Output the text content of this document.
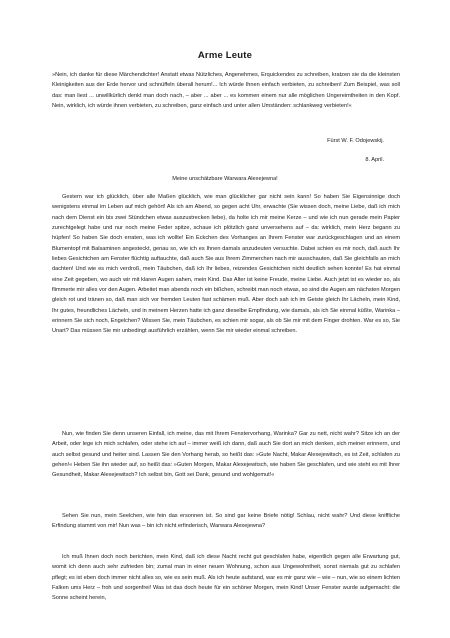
Arme Leute

»Nein, ich danke für diese Märchendichter! Anstatt etwas Nützliches, Angenehmes, Erquickendes zu schreiben, kratzen sie da die kleinsten Kleinigkeiten aus der Erde hervor und schnüffeln überall herum!... Ich würde Ihnen einfach verbieten, zu schreiben! Zum Beispiel, was soll das: man liest ... unwillkürlich denkt man doch nach, – aber ... aber ... es kommen einem nur alle möglichen Ungereimtheiten in den Kopf. Nein, wirklich, ich würde ihnen verbieten, zu schreiben, ganz einfach und unter allen Umständen: schlankweg verbieten!«

Fürst W. F. Odojewskij.
8. April.
Meine unschätzbare Warwara Alexejewna!

Gestern war ich glücklich, über alle Maßen glücklich, wie man glücklicher gar nicht sein kann! So haben Sie Eigensinnige doch wenigstens einmal im Leben auf mich gehört! Als ich am Abend, so gegen acht Uhr, erwachte (Sie wissen doch, meine Liebe, daß ich mich nach dem Dienst ein bis zwei Stündchen etwas auszustrecken liebe), da holte ich mir meine Kerze – und wie ich nun gerade mein Papier zurechtgelegt habe und nur noch meine Feder spitze, schaue ich plötzlich ganz unversehens auf – da: wirklich, mein Herz begann zu hüpfen! So haben Sie doch erraten, was ich wollte! Ein Eckchen des Vorhanges an Ihrem Fenster war zurückgeschlagen und an einem Blumentopf mit Balsaminen angesteckt, genau so, wie ich es Ihnen damals anzudeuten versuchte. Dabei schien es mir noch, daß auch Ihr liebes Gesichtchen am Fenster flüchtig auftauchte, daß auch Sie aus Ihrem Zimmerchen nach mir ausschauten, daß Sie gleichfalls an mich dachten! Und wie es mich verdroß, mein Täubchen, daß ich Ihr liebes, reizendes Gesichtchen nicht deutlich sehen konnte! Es hat einmal eine Zeit gegeben, wo auch wir mit klaren Augen sahen, mein Kind. Das Alter ist keine Freude, meine Liebe. Auch jetzt ist es wieder so, als flimmerte mir alles vor den Augen. Arbeitet man abends noch ein bißchen, schreibt man noch etwas, so sind die Augen am nächsten Morgen gleich rot und tränen so, daß man sich vor fremden Leuten fast schämen muß. Aber doch sah ich im Geiste gleich Ihr Lächeln, mein Kind, Ihr gutes, freundliches Lächeln, und in meinem Herzen hatte ich ganz dieselbe Empfindung, wie damals, als ich Sie einmal küßte, Warinka – erinnern Sie sich noch, Engelchen? Wissen Sie, mein Täubchen, es schien mir sogar, als ob Sie mir mit dem Finger drohten. War es so, Sie Unart? Das müssen Sie mir unbedingt ausführlich erzählen, wenn Sie mir wieder einmal schreiben.

Nun, wie finden Sie denn unseren Einfall, ich meine, das mit Ihrem Fenstervorhang, Warinka? Gar zu nett, nicht wahr? Sitze ich an der Arbeit, oder lege ich mich schlafen, oder stehe ich auf – immer weiß ich dann, daß auch Sie dort an mich denken, sich meiner erinnern, und auch selbst gesund und heiter sind. Lassen Sie den Vorhang herab, so heißt das: »Gute Nacht, Makar Alexejewitsch, es ist Zeit, schlafen zu gehen!« Heben Sie ihn wieder auf, so heißt das: »Guten Morgen, Makar Alexejewitsch, wie haben Sie geschlafen, und wie steht es mit Ihrer Gesundheit, Makar Alexejewitsch? Ich selbst bin, Gott sei Dank, gesund und wohlgemut!«

Sehen Sie nun, mein Seelchen, wie fein das ersonnen ist. So sind gar keine Briefe nötig! Schlau, nicht wahr? Und diese kniffliche Erfindung stammt von mir! Nun was – bin ich nicht erfinderisch, Warwara Alexejewna?

Ich muß Ihnen doch noch berichten, mein Kind, daß ich diese Nacht recht gut geschlafen habe, eigentlich gegen alle Erwartung gut, womit ich denn auch sehr zufrieden bin; zumal man in einer neuen Wohnung, schon aus Ungewohntheit, sonst niemals gut zu schlafen pflegt; es ist eben doch immer nicht alles so, wie es sein muß. Als ich heute aufstand, war es mir ganz wie – wie – nun, wie so einem lichten Falken ums Herz – froh und sorgenfrei! Was ist das doch heute für ein schöner Morgen, mein Kind! Unser Fenster wurde aufgemacht: die Sonne scheint herein,
